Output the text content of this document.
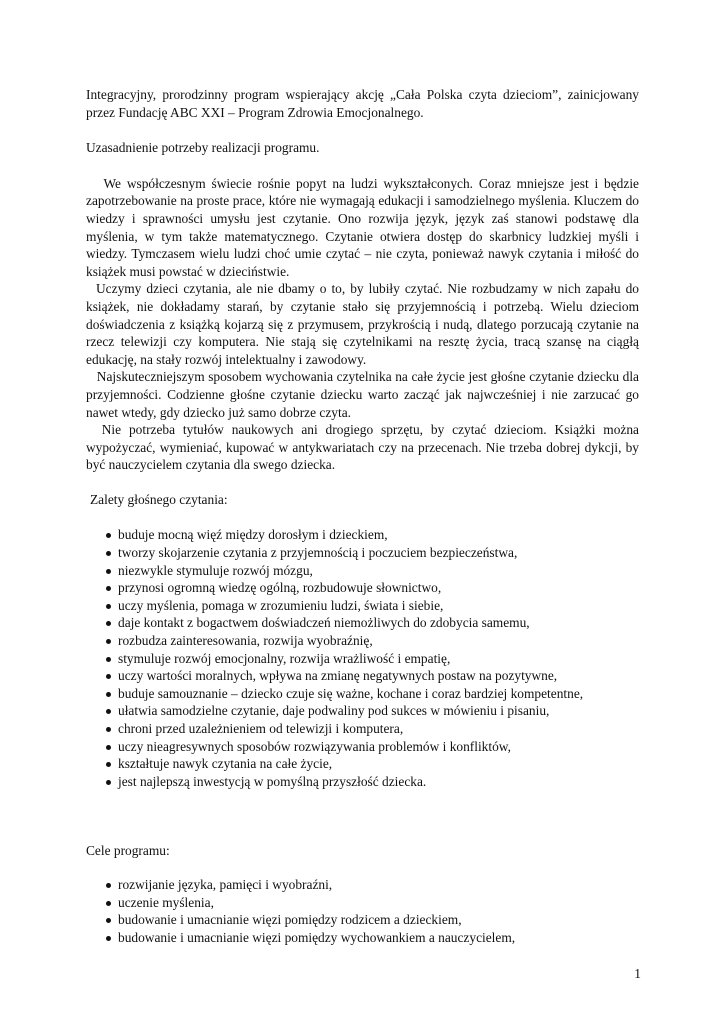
Integracyjny, prorodzinny program wspierający akcję „Cała Polska czyta dzieciom”, zainicjowany przez Fundację ABC XXI – Program Zdrowia Emocjonalnego.

Uzasadnienie potrzeby realizacji programu.

We współczesnym świecie rośnie popyt na ludzi wykształconych. Coraz mniejsze jest i będzie zapotrzebowanie na proste prace, które nie wymagają edukacji i samodzielnego myślenia. Kluczem do wiedzy i sprawności umysłu jest czytanie. Ono rozwija język, język zaś stanowi podstawę dla myślenia, w tym także matematycznego. Czytanie otwiera dostęp do skarbnicy ludzkiej myśli i wiedzy. Tymczasem wielu ludzi choć umie czytać – nie czyta, ponieważ nawyk czytania i miłość do książek musi powstać w dzieciństwie.

Uczymy dzieci czytania, ale nie dbamy o to, by lubiły czytać. Nie rozbudzamy w nich zapału do książek, nie dokładamy starań, by czytanie stało się przyjemnością i potrzebą. Wielu dzieciom doświadczenia z książką kojarzą się z przymusem, przykrością i nudą, dlatego porzucają czytanie na rzecz telewizji czy komputera. Nie stają się czytelnikami na resztę życia, tracą szansę na ciągłą edukację, na stały rozwój intelektualny i zawodowy.

Najskuteczniejszym sposobem wychowania czytelnika na całe życie jest głośne czytanie dziecku dla przyjemności. Codzienne głośne czytanie dziecku warto zacząć jak najwcześniej i nie zarzucać go nawet wtedy, gdy dziecko już samo dobrze czyta.

Nie potrzeba tytułów naukowych ani drogiego sprzętu, by czytać dzieciom. Książki można wypożyczać, wymieniać, kupować w antykwariatach czy na przecenach. Nie trzeba dobrej dykcji, by być nauczycielem czytania dla swego dziecka.

Zalety głośnego czytania:

buduje mocną więź między dorosłym i dzieckiem,
tworzy skojarzenie czytania z przyjemnością i poczuciem bezpieczeństwa,
niezwykle stymuluje rozwój mózgu,
przynosi ogromną wiedzę ogólną, rozbudowuje słownictwo,
uczy myślenia, pomaga w zrozumieniu ludzi, świata i siebie,
daje kontakt z bogactwem doświadczeń niemożliwych do zdobycia samemu,
rozbudza zainteresowania, rozwija wyobraźnię,
stymuluje rozwój emocjonalny, rozwija wrażliwość i empatię,
uczy wartości moralnych, wpływa na zmianę negatywnych postaw na pozytywne,
buduje samouznanie – dziecko czuje się ważne, kochane i coraz bardziej kompetentne,
ułatwia samodzielne czytanie, daje podwaliny pod sukces w mówieniu i pisaniu,
chroni przed uzależnieniem od telewizji i komputera,
uczy nieagresywnych sposobów rozwiązywania problemów i konfliktów,
kształtuje nawyk czytania na całe życie,
jest najlepszą inwestycją w pomyślną przyszłość dziecka.

Cele programu:

rozwijanie języka, pamięci i wyobraźni,
uczenie myślenia,
budowanie i umacnianie więzi pomiędzy rodzicem a dzieckiem,
budowanie i umacnianie więzi pomiędzy wychowankiem a nauczycielem,
1
